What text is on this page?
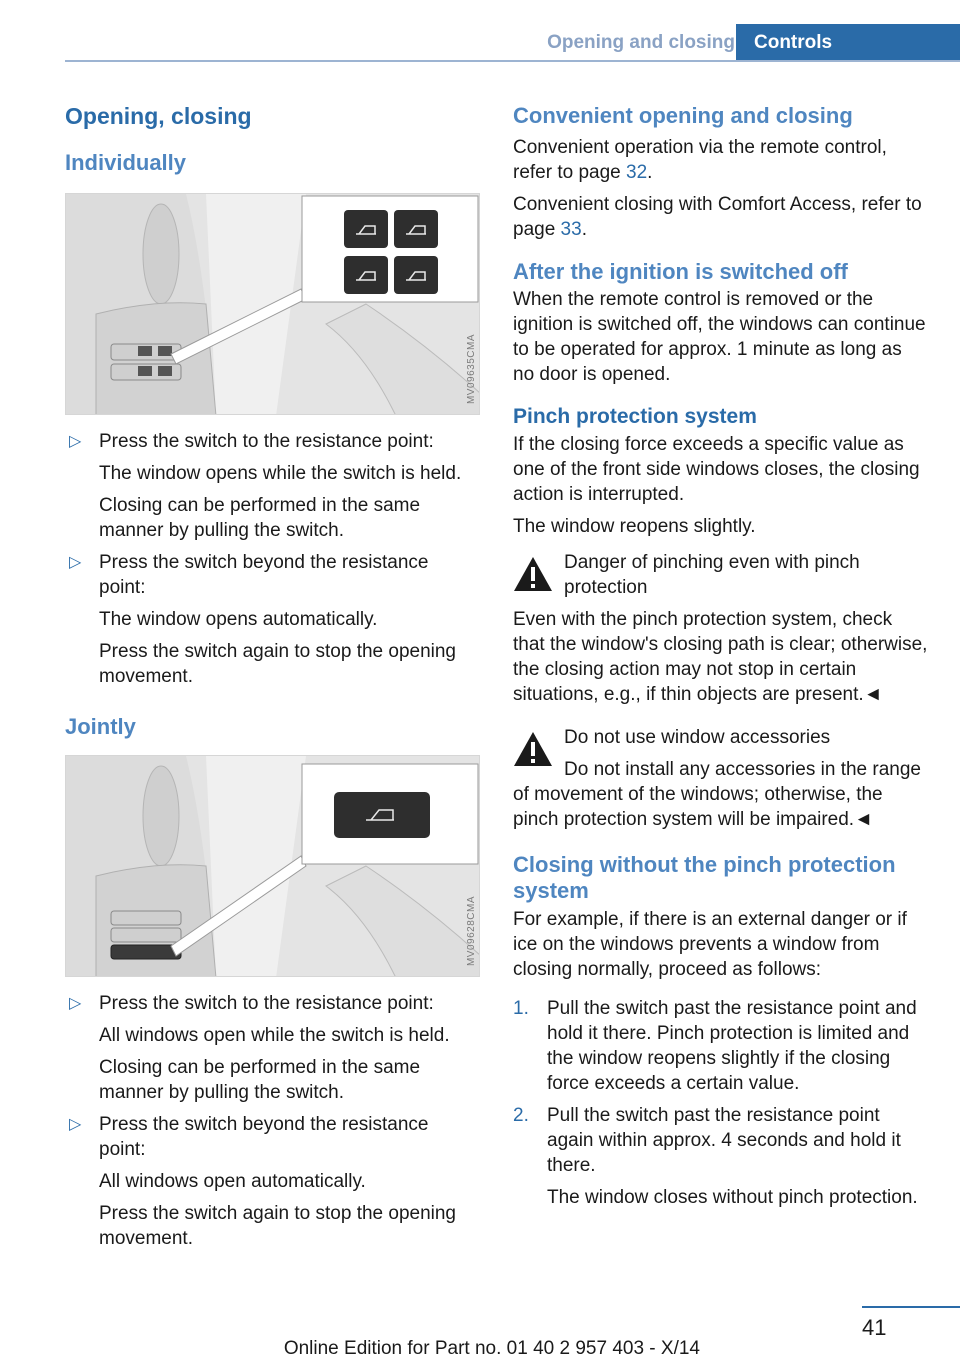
Opening and closing	Controls
Opening, closing
Individually
MV09635CMA
▷ Press the switch to the resistance point:

The window opens while the switch is held.

Closing can be performed in the same manner by pulling the switch.

▷ Press the switch beyond the resistance point:

The window opens automatically.

Press the switch again to stop the opening movement.

Jointly
MV09628CMA
▷ Press the switch to the resistance point:

All windows open while the switch is held.

Closing can be performed in the same manner by pulling the switch.

▷ Press the switch beyond the resistance point:

All windows open automatically.

Press the switch again to stop the opening movement.

Convenient opening and closing

Convenient operation via the remote control, refer to page 32.

Convenient closing with Comfort Access, refer to page 33.

After the ignition is switched off

When the remote control is removed or the ignition is switched off, the windows can continue to be operated for approx. 1 minute as long as no door is opened.

Pinch protection system

If the closing force exceeds a specific value as one of the front side windows closes, the closing action is interrupted.

The window reopens slightly.

Danger of pinching even with pinch protection

Even with the pinch protection system, check that the window's closing path is clear; otherwise, the closing action may not stop in certain situations, e.g., if thin objects are present.◄

Do not use window accessories

Do not install any accessories in the range of movement of the windows; otherwise, the pinch protection system will be impaired.◄

Closing without the pinch protection system

For example, if there is an external danger or if ice on the windows prevents a window from closing normally, proceed as follows:

1. Pull the switch past the resistance point and hold it there. Pinch protection is limited and the window reopens slightly if the closing force exceeds a certain value.

2. Pull the switch past the resistance point again within approx. 4 seconds and hold it there.

The window closes without pinch protection.

41
Online Edition for Part no. 01 40 2 957 403 - X/14
